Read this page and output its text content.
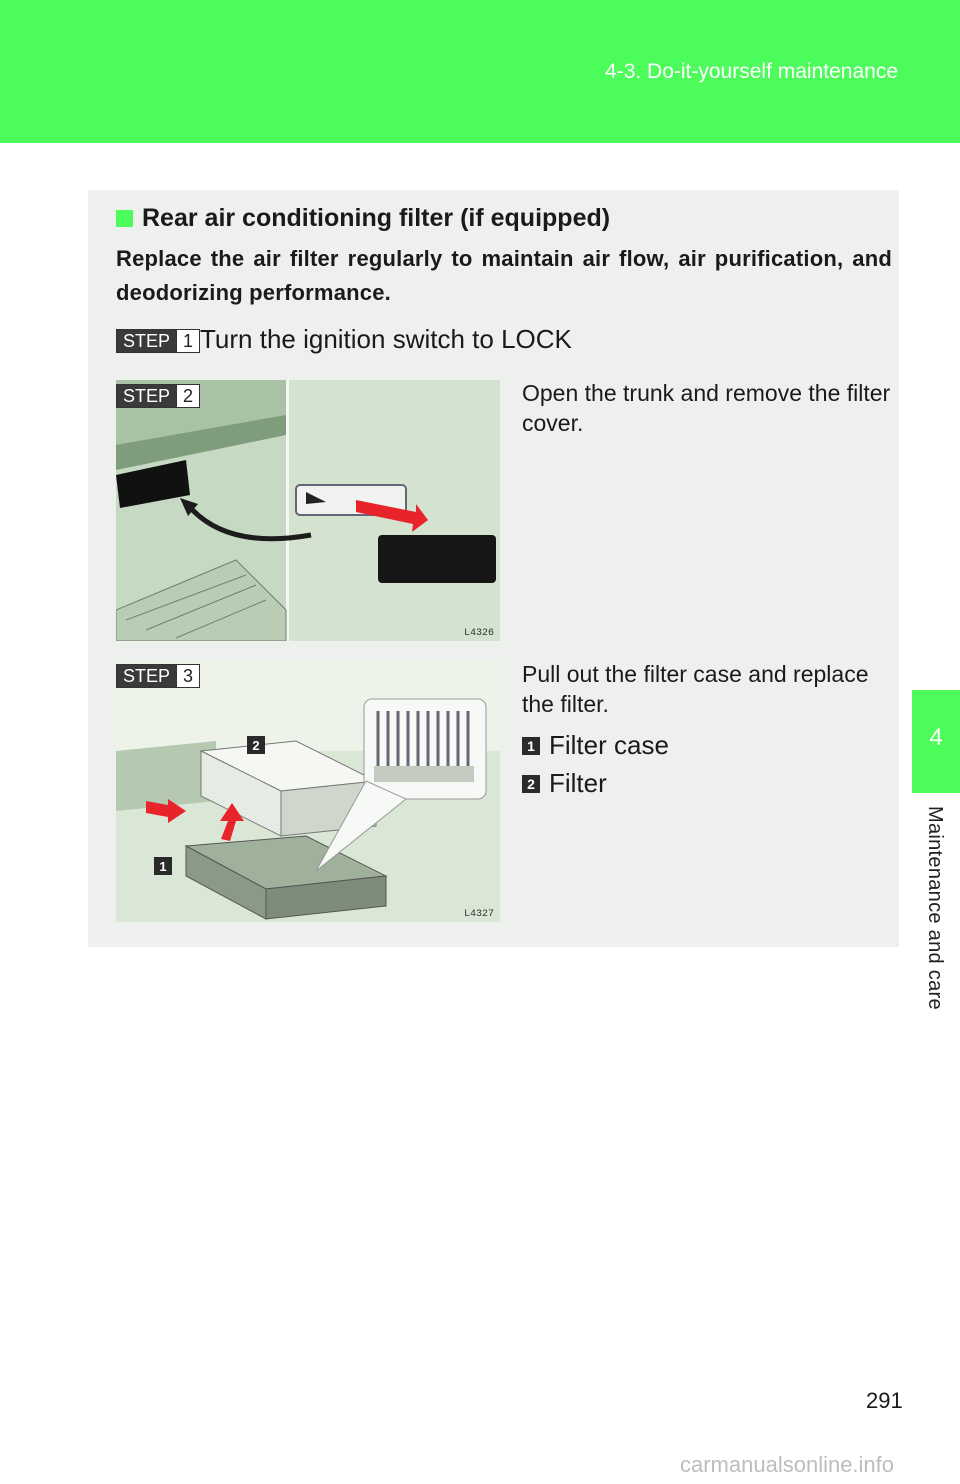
4-3. Do-it-yourself maintenance
4
Maintenance and care
Rear air conditioning filter (if equipped)
Replace the air filter regularly to maintain air flow, air purification, and deodorizing performance.
STEP 1 Turn the ignition switch to LOCK
L4326
STEP 2	Open the trunk and remove the filter cover.
2
1
L4327
STEP 3	Pull out the filter case and replace the filter.
1 Filter case
2 Filter
291
carmanualsonline.info
